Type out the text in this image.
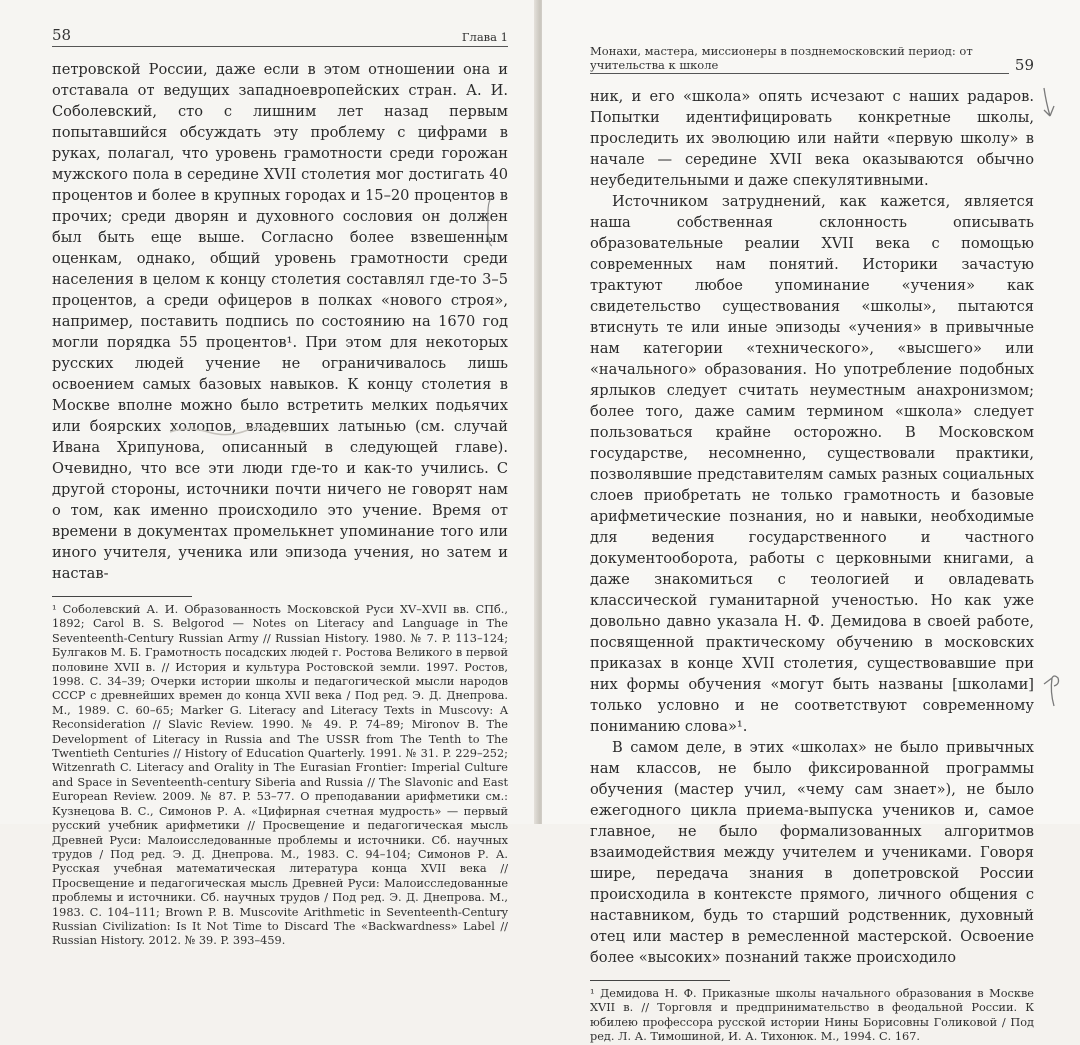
58	Глава 1

петровской России, даже если в этом отношении она и отставала от ведущих западноевропейских стран. А. И. Соболевский, сто с лишним лет назад первым попытавшийся обсуждать эту проблему с цифрами в руках, полагал, что уровень грамотности среди горожан мужского пола в середине XVII столетия мог достигать 40 процентов и более в крупных городах и 15–20 процентов в прочих; среди дворян и духовного сословия он должен был быть еще выше. Согласно более взвешенным оценкам, однако, общий уровень грамотности среди населения в целом к концу столетия составлял где-то 3–5 процентов, а среди офицеров в полках «нового строя», например, поставить подпись по состоянию на 1670 год могли порядка 55 процентов¹. При этом для некоторых русских людей учение не ограничивалось лишь освоением самых базовых навыков. К концу столетия в Москве вполне можно было встретить мелких подьячих или боярских холопов, владевших латынью (см. случай Ивана Хрипунова, описанный в следующей главе). Очевидно, что все эти люди где-то и как-то учились. С другой стороны, источники почти ничего не говорят нам о том, как именно происходило это учение. Время от времени в документах промелькнет упоминание того или иного учителя, ученика или эпизода учения, но затем и настав-

¹ Соболевский А. И. Образованность Московской Руси XV–XVII вв. СПб., 1892; Carol B. S. Belgorod — Notes on Literacy and Language in The Seventeenth-Century Russian Army // Russian History. 1980. № 7. P. 113–124; Булгаков М. Б. Грамотность посадских людей г. Ростова Великого в первой половине XVII в. // История и культура Ростовской земли. 1997. Ростов, 1998. С. 34–39; Очерки истории школы и педагогической мысли народов СССР с древнейших времен до конца XVII века / Под ред. Э. Д. Днепрова. М., 1989. С. 60–65; Marker G. Literacy and Literacy Texts in Muscovy: A Reconsideration // Slavic Review. 1990. № 49. P. 74–89; Mironov B. The Development of Literacy in Russia and The USSR from The Tenth to The Twentieth Centuries // History of Education Quarterly. 1991. № 31. P. 229–252; Witzenrath C. Literacy and Orality in The Eurasian Frontier: Imperial Culture and Space in Seventeenth-century Siberia and Russia // The Slavonic and East European Review. 2009. № 87. P. 53–77. О преподавании арифметики см.: Кузнецова В. С., Симонов Р. А. «Цифирная счетная мудрость» — первый русский учебник арифметики // Просвещение и педагогическая мысль Древней Руси: Малоисследованные проблемы и источники. Сб. научных трудов / Под ред. Э. Д. Днепрова. М., 1983. С. 94–104; Симонов Р. А. Русская учебная математическая литература конца XVII века // Просвещение и педагогическая мысль Древней Руси: Малоисследованные проблемы и источники. Сб. научных трудов / Под ред. Э. Д. Днепрова. М., 1983. С. 104–111; Brown P. B. Muscovite Arithmetic in Seventeenth-Century Russian Civilization: Is It Not Time to Discard The «Backwardness» Label // Russian History. 2012. № 39. P. 393–459.

Монахи, мастера, миссионеры в позднемосковский период: от учительства к школе	59

ник, и его «школа» опять исчезают с наших радаров. Попытки идентифицировать конкретные школы, проследить их эволюцию или найти «первую школу» в начале — середине XVII века оказываются обычно неубедительными и даже спекулятивными.

Источником затруднений, как кажется, является наша собственная склонность описывать образовательные реалии XVII века с помощью современных нам понятий. Историки зачастую трактуют любое упоминание «учения» как свидетельство существования «школы», пытаются втиснуть те или иные эпизоды «учения» в привычные нам категории «технического», «высшего» или «начального» образования. Но употребление подобных ярлыков следует считать неуместным анахронизмом; более того, даже самим термином «школа» следует пользоваться крайне осторожно. В Московском государстве, несомненно, существовали практики, позволявшие представителям самых разных социальных слоев приобретать не только грамотность и базовые арифметические познания, но и навыки, необходимые для ведения государственного и частного документооборота, работы с церковными книгами, а даже знакомиться с теологией и овладевать классической гуманитарной ученостью. Но как уже довольно давно указала Н. Ф. Демидова в своей работе, посвященной практическому обучению в московских приказах в конце XVII столетия, существовавшие при них формы обучения «могут быть названы [школами] только условно и не соответствуют современному пониманию слова»¹.

В самом деле, в этих «школах» не было привычных нам классов, не было фиксированной программы обучения (мастер учил, «чему сам знает»), не было ежегодного цикла приема-выпуска учеников и, самое главное, не было формализованных алгоритмов взаимодействия между учителем и учениками. Говоря шире, передача знания в допетровской России происходила в контексте прямого, личного общения с наставником, будь то старший родственник, духовный отец или мастер в ремесленной мастерской. Освоение более «высоких» познаний также происходило

¹ Демидова Н. Ф. Приказные школы начального образования в Москве XVII в. // Торговля и предпринимательство в феодальной России. К юбилею профессора русской истории Нины Борисовны Голиковой / Под ред. Л. А. Тимошиной, И. А. Тихонюк. М., 1994. С. 167.
